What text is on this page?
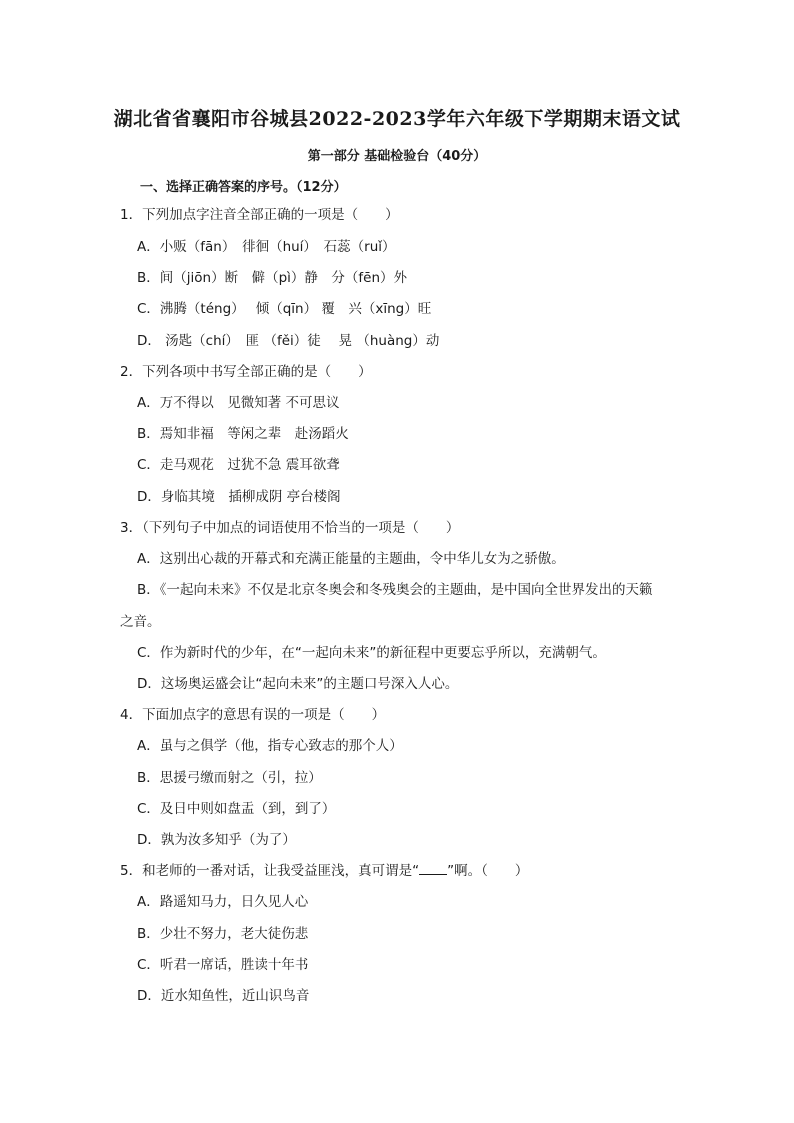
湖北省省襄阳市谷城县2022-2023学年六年级下学期期末语文试
第一部分 基础检验台（40分）
一、选择正确答案的序号。（12分）
1．下列加点字注音全部正确的一项是（　　）
A．小贩（fān）　徘徊（huí）　石蕊（ruǐ）
B．间（jiōn）断　僻（pì）静　分（fēn）外
C．沸腾（téng）　 倾（qīn） 覆　兴（xīng）旺
D． 汤匙（chí）　匪 （fěi）徒　 晃 （huàng）动
2．下列各项中书写全部正确的是（　　）
A．万不得以　见微知著 不可思议
B．焉知非福　等闲之辈　赴汤蹈火
C．走马观花　过犹不急 震耳欲聋
D．身临其境　插柳成阴 亭台楼阁
3．（下列句子中加点的词语使用不恰当的一项是（　　）
A．这别出心裁的开幕式和充满正能量的主题曲，令中华儿女为之骄傲。
B．《一起向未来》不仅是北京冬奥会和冬残奥会的主题曲，是中国向全世界发出的天籁
之音。
C．作为新时代的少年，在“一起向未来”的新征程中更要忘乎所以，充满朝气。
D．这场奥运盛会让“起向未来”的主题口号深入人心。
4．下面加点字的意思有误的一项是（　　）
A．虽与之俱学（他，指专心致志的那个人）
B．思援弓缴而射之（引，拉）
C．及日中则如盘盂（到，到了）
D．孰为汝多知乎（为了）
5．和老师的一番对话，让我受益匪浅，真可谓是“ ”啊。（　　）
A．路遥知马力，日久见人心
B．少壮不努力，老大徒伤悲
C．听君一席话，胜读十年书
D．近水知鱼性，近山识鸟音
